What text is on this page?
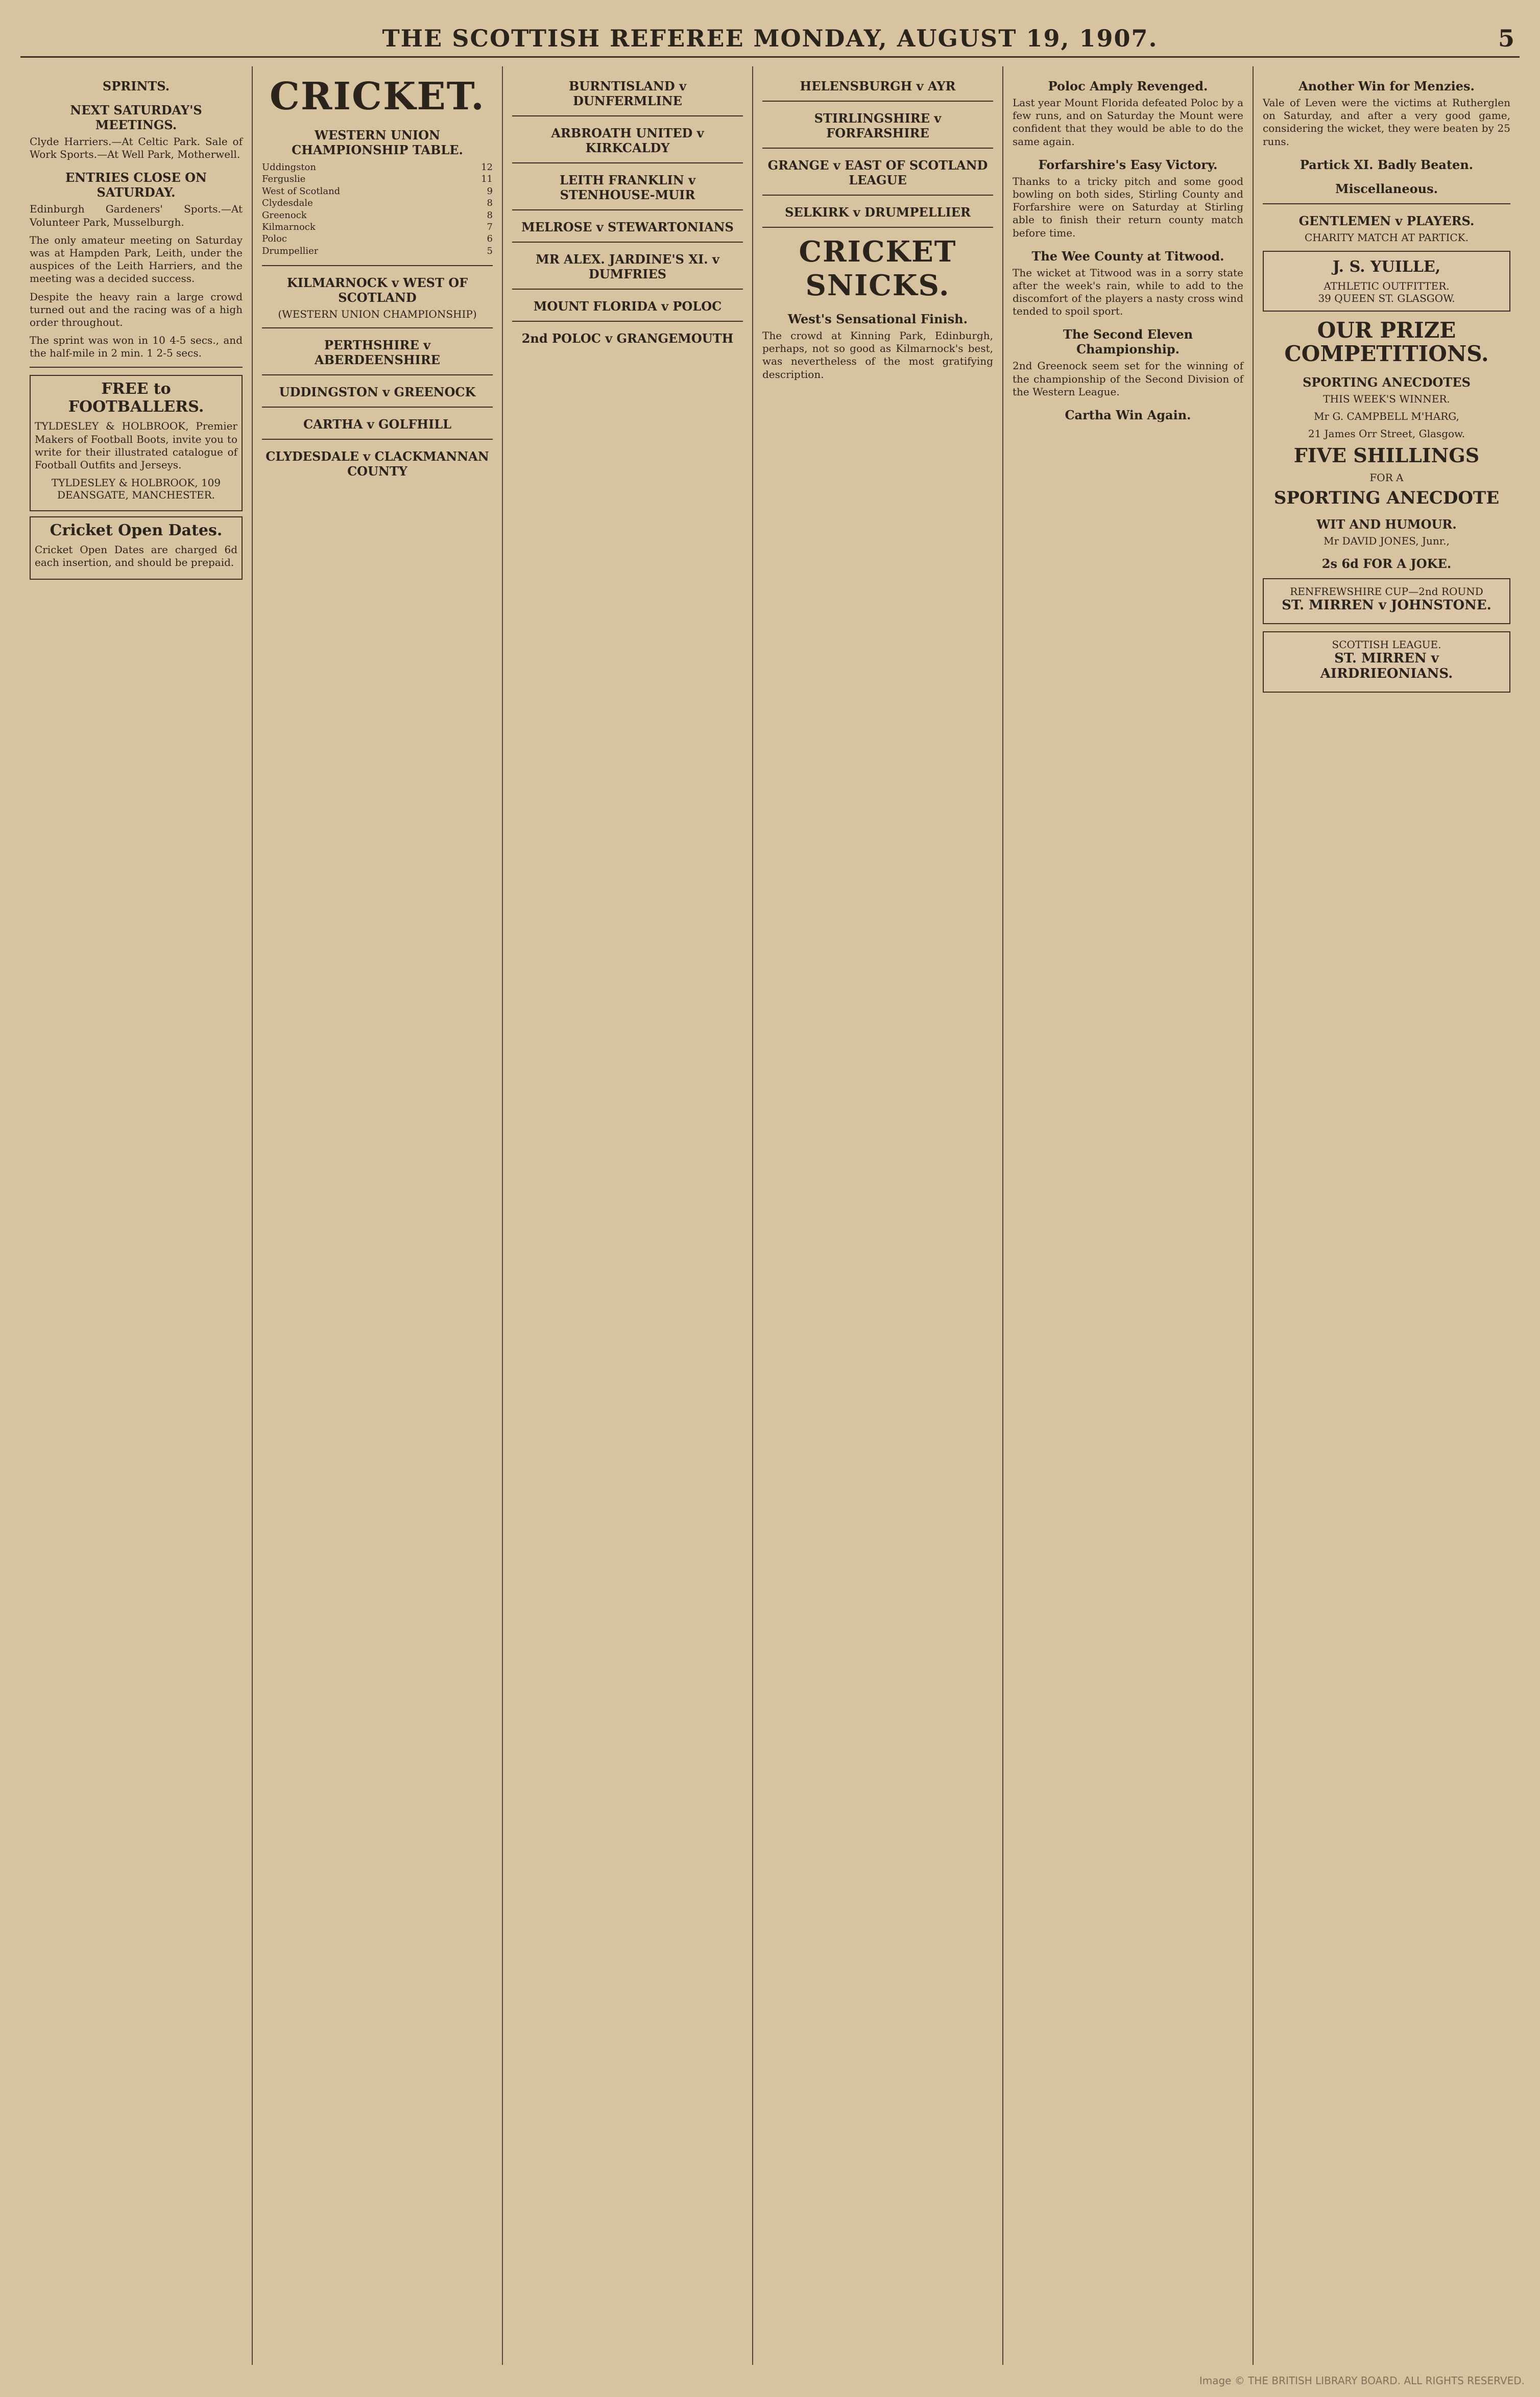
THE SCOTTISH REFEREE MONDAY, AUGUST 19, 1907.	5
SPRINTS.
NEXT SATURDAY'S MEETINGS.

Clyde Harriers.—At Celtic Park. Sale of Work Sports.—At Well Park, Motherwell.

ENTRIES CLOSE ON SATURDAY.

Edinburgh Gardeners' Sports.—At Volunteer Park, Musselburgh.

The only amateur meeting on Saturday was at Hampden Park, Leith, under the auspices of the Leith Harriers, and the meeting was a decided success.

Despite the heavy rain a large crowd turned out and the racing was of a high order throughout.

The sprint was won in 10 4-5 secs., and the half-mile in 2 min. 1 2-5 secs.

FREE to FOOTBALLERS.
TYLDESLEY & HOLBROOK, Premier Makers of Football Boots, invite you to write for their illustrated catalogue of Football Outfits and Jerseys.
TYLDESLEY & HOLBROOK, 109 DEANSGATE, MANCHESTER.
Cricket Open Dates.
Cricket Open Dates are charged 6d each insertion, and should be prepaid.
CRICKET.
WESTERN UNION CHAMPIONSHIP TABLE.
Uddingston	12
Ferguslie	11
West of Scotland	9
Clydesdale	8
Greenock	8
Kilmarnock	7
Poloc	6
Drumpellier	5
KILMARNOCK v WEST OF SCOTLAND
(WESTERN UNION CHAMPIONSHIP)
PERTHSHIRE v ABERDEENSHIRE
UDDINGSTON v GREENOCK
CARTHA v GOLFHILL
CLYDESDALE v CLACKMANNAN COUNTY
BURNTISLAND v DUNFERMLINE
ARBROATH UNITED v KIRKCALDY
LEITH FRANKLIN v STENHOUSE-MUIR
MELROSE v STEWARTONIANS
MR ALEX. JARDINE'S XI. v DUMFRIES
MOUNT FLORIDA v POLOC
2nd POLOC v GRANGEMOUTH
HELENSBURGH v AYR
STIRLINGSHIRE v FORFARSHIRE
GRANGE v EAST OF SCOTLAND LEAGUE
SELKIRK v DRUMPELLIER
CRICKET SNICKS.
West's Sensational Finish.

The crowd at Kinning Park, Edinburgh, perhaps, not so good as Kilmarnock's best, was nevertheless of the most gratifying description.

Poloc Amply Revenged.

Last year Mount Florida defeated Poloc by a few runs, and on Saturday the Mount were confident that they would be able to do the same again.

Forfarshire's Easy Victory.

Thanks to a tricky pitch and some good bowling on both sides, Stirling County and Forfarshire were on Saturday at Stirling able to finish their return county match before time.

The Wee County at Titwood.

The wicket at Titwood was in a sorry state after the week's rain, while to add to the discomfort of the players a nasty cross wind tended to spoil sport.

The Second Eleven Championship.

2nd Greenock seem set for the winning of the championship of the Second Division of the Western League.

Cartha Win Again.
Another Win for Menzies.

Vale of Leven were the victims at Rutherglen on Saturday, and after a very good game, considering the wicket, they were beaten by 25 runs.

Partick XI. Badly Beaten.
Miscellaneous.
GENTLEMEN v PLAYERS.
CHARITY MATCH AT PARTICK.
J. S. YUILLE,
ATHLETIC OUTFITTER.
39 QUEEN ST. GLASGOW.
OUR PRIZE COMPETITIONS.
SPORTING ANECDOTES
THIS WEEK'S WINNER.
Mr G. CAMPBELL M'HARG,
21 James Orr Street, Glasgow.
FIVE SHILLINGS
FOR A
SPORTING ANECDOTE
WIT AND HUMOUR.
Mr DAVID JONES, Junr.,
2s 6d FOR A JOKE.
RENFREWSHIRE CUP—2nd ROUND
ST. MIRREN v JOHNSTONE.
SCOTTISH LEAGUE.
ST. MIRREN v AIRDRIEONIANS.
Image © THE BRITISH LIBRARY BOARD. ALL RIGHTS RESERVED.
